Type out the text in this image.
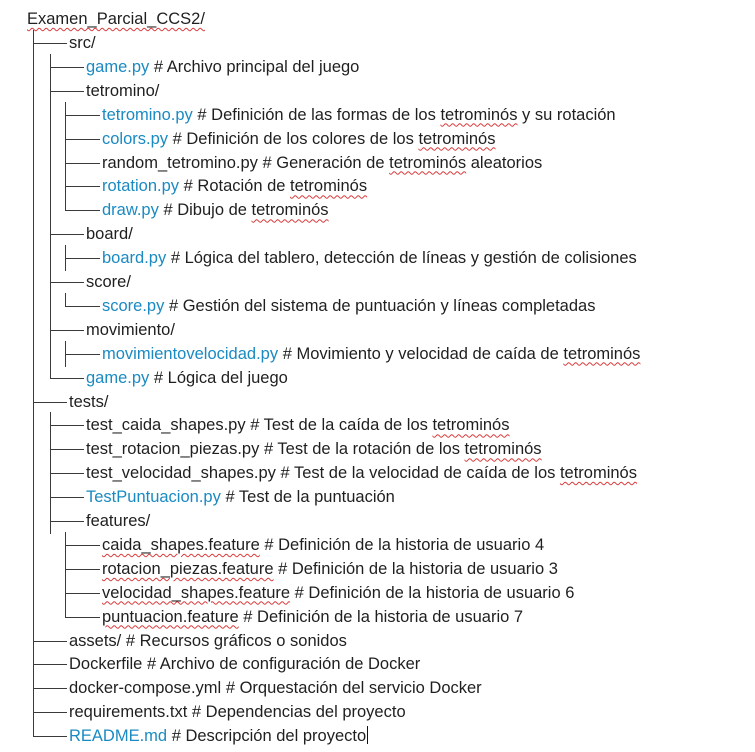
Examen_Parcial_CCS2/
src/
game.py # Archivo principal del juego
tetromino/
tetromino.py # Definición de las formas de los tetrominós y su rotación
colors.py # Definición de los colores de los tetrominós
random_tetromino.py # Generación de tetrominós aleatorios
rotation.py # Rotación de tetrominós
draw.py # Dibujo de tetrominós
board/
board.py # Lógica del tablero, detección de líneas y gestión de colisiones
score/
score.py # Gestión del sistema de puntuación y líneas completadas
movimiento/
movimientovelocidad.py # Movimiento y velocidad de caída de tetrominós
game.py # Lógica del juego
tests/
test_caida_shapes.py # Test de la caída de los tetrominós
test_rotacion_piezas.py # Test de la rotación de los tetrominós
test_velocidad_shapes.py # Test de la velocidad de caída de los tetrominós
TestPuntuacion.py # Test de la puntuación
features/
caida_shapes.feature # Definición de la historia de usuario 4
rotacion_piezas.feature # Definición de la historia de usuario 3
velocidad_shapes.feature # Definición de la historia de usuario 6
puntuacion.feature # Definición de la historia de usuario 7
assets/ # Recursos gráficos o sonidos
Dockerfile # Archivo de configuración de Docker
docker-compose.yml # Orquestación del servicio Docker
requirements.txt # Dependencias del proyecto
README.md # Descripción del proyecto
